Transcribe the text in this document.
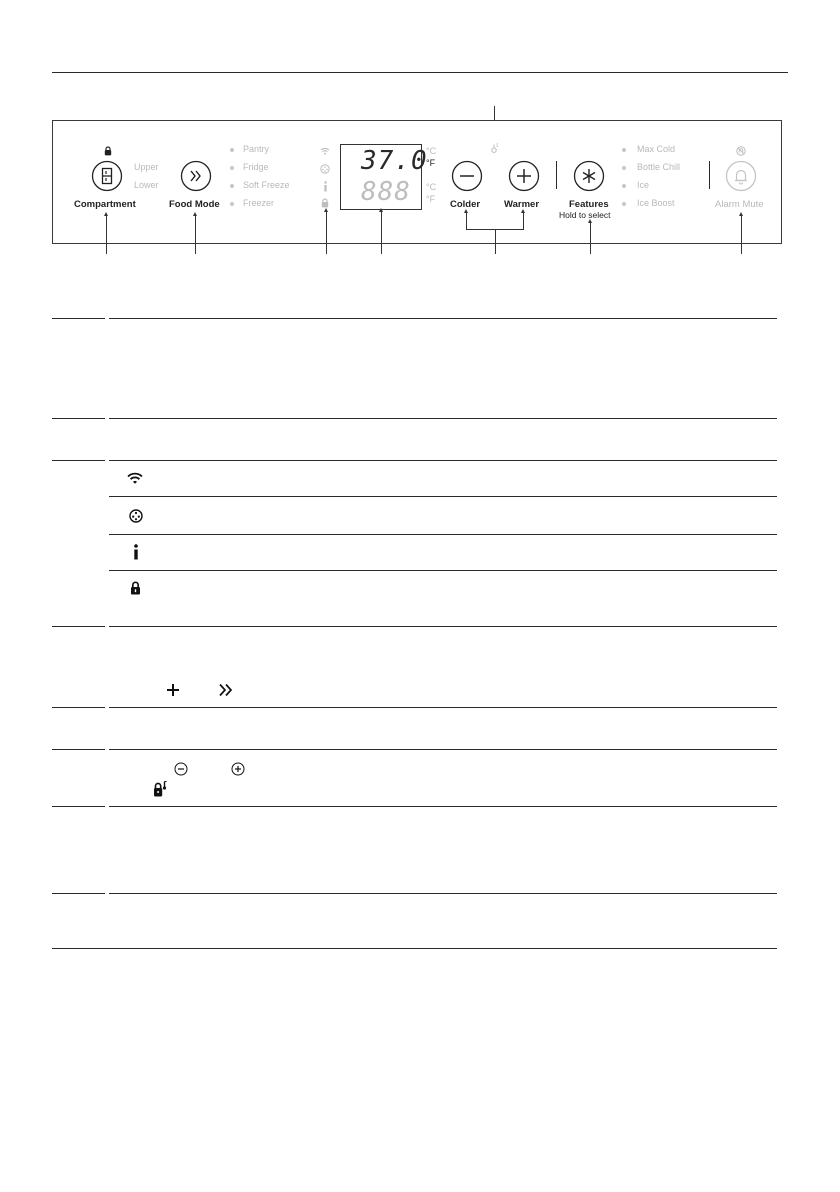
Upper
Lower
Compartment	Food Mode
Pantry
Fridge
Soft Freeze
Freezer
37.0
888
°C
°F
°C
°F Colder	Warmer	Features
Hold to select
Max Cold
Bottle Chill
Ice
Ice Boost	Alarm Mute
